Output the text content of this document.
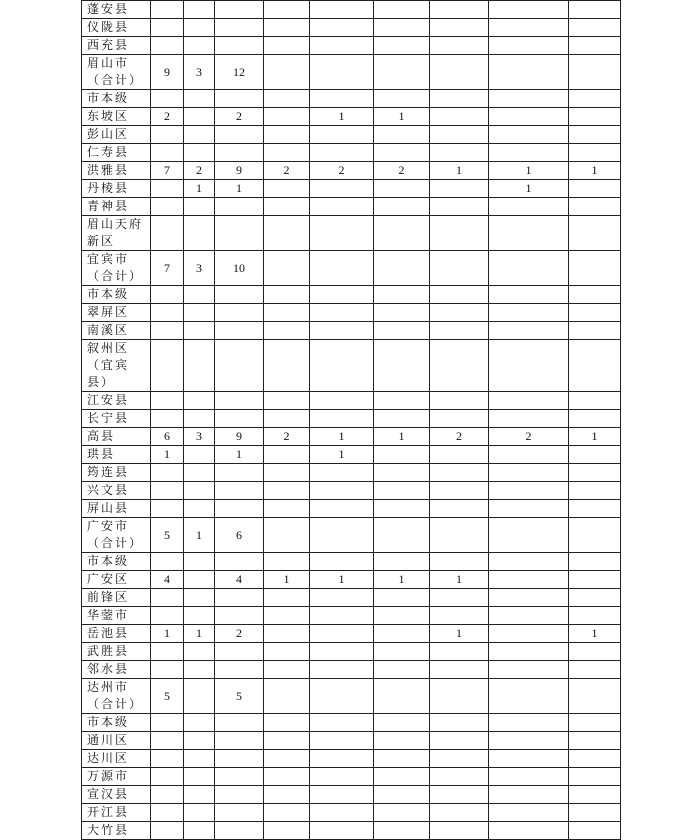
蓬安县									

仪陇县									

西充县									

眉山市
（合计）	9	3	12						

市本级									

东坡区	2		2		1	1			

彭山区									

仁寿县									

洪雅县	7	2	9	2	2	2	1	1	1

丹棱县		1	1					1	

青神县									

眉山天府
新区									

宜宾市
（合计）	7	3	10						

市本级									

翠屏区									

南溪区									

叙州区
（宜宾
县）									

江安县									

长宁县									

高县	6	3	9	2	1	1	2	2	1

珙县	1		1		1				

筠连县									

兴文县									

屏山县									

广安市
（合计）	5	1	6						

市本级									

广安区	4		4	1	1	1	1		

前锋区									

华蓥市									

岳池县	1	1	2				1		1

武胜县									

邻水县									

达州市
（合计）	5		5						

市本级									

通川区									

达川区									

万源市									

宣汉县									

开江县									

大竹县									
